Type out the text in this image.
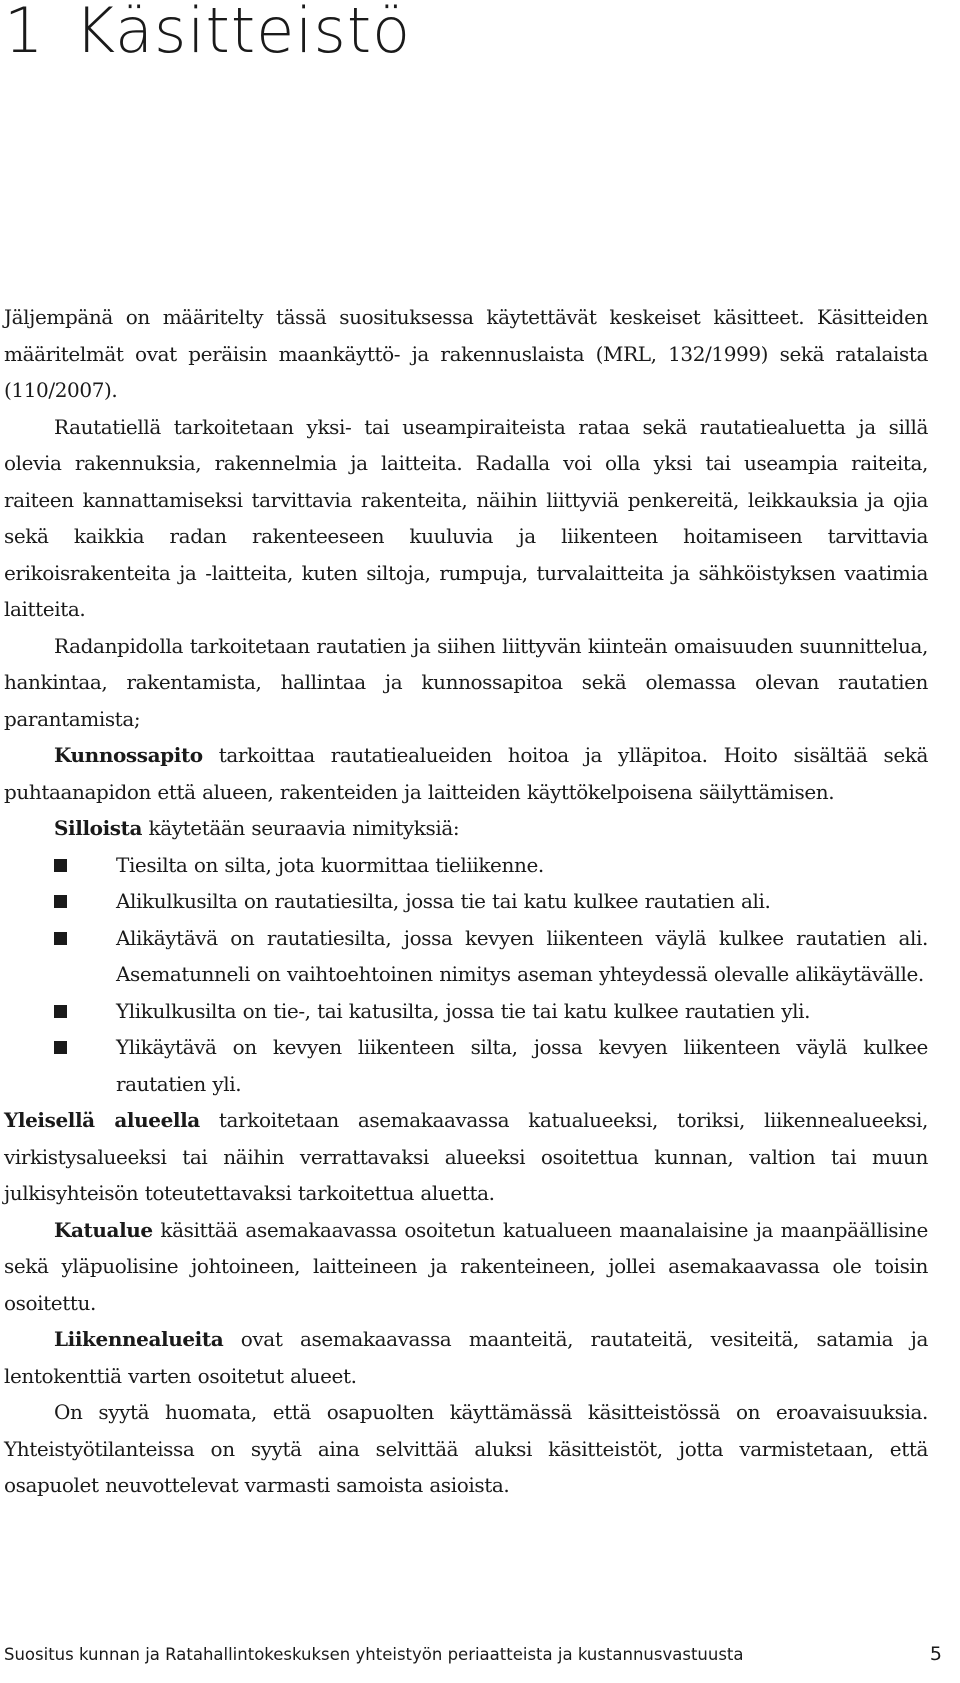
1 Käsitteistö

Jäljempänä on määritelty tässä suosituksessa käytettävät keskeiset käsitteet. Käsitteiden määritelmät ovat peräisin maankäyttö- ja rakennuslaista (MRL, 132/1999) sekä ratalaista (110/2007).

Rautatiellä tarkoitetaan yksi- tai useampiraiteista rataa sekä rautatiealuetta ja sillä olevia rakennuksia, rakennelmia ja laitteita. Radalla voi olla yksi tai useampia raiteita, raiteen kannattamiseksi tarvittavia rakenteita, näihin liittyviä penkereitä, leikkauksia ja ojia sekä kaikkia radan rakenteeseen kuuluvia ja liikenteen hoitamiseen tarvittavia erikoisrakenteita ja -laitteita, kuten siltoja, rumpuja, turvalaitteita ja sähköistyksen vaatimia laitteita.

Radanpidolla tarkoitetaan rautatien ja siihen liittyvän kiinteän omaisuuden suunnittelua, hankintaa, rakentamista, hallintaa ja kunnossapitoa sekä olemassa olevan rautatien parantamista;

Kunnossapito tarkoittaa rautatiealueiden hoitoa ja ylläpitoa. Hoito sisältää sekä puhtaanapidon että alueen, rakenteiden ja laitteiden käyttökelpoisena säilyttämisen.

Silloista käytetään seuraavia nimityksiä:

Tiesilta on silta, jota kuormittaa tieliikenne.
Alikulkusilta on rautatiesilta, jossa tie tai katu kulkee rautatien ali.
Alikäytävä on rautatiesilta, jossa kevyen liikenteen väylä kulkee rautatien ali. Asematunneli on vaihtoehtoinen nimitys aseman yhteydessä olevalle alikäytävälle.
Ylikulkusilta on tie-, tai katusilta, jossa tie tai katu kulkee rautatien yli.
Ylikäytävä on kevyen liikenteen silta, jossa kevyen liikenteen väylä kulkee rautatien yli.

Yleisellä alueella tarkoitetaan asemakaavassa katualueeksi, toriksi, liikennealueeksi, virkistysalueeksi tai näihin verrattavaksi alueeksi osoitettua kunnan, valtion tai muun julkisyhteisön toteutettavaksi tarkoitettua aluetta.

Katualue käsittää asemakaavassa osoitetun katualueen maanalaisine ja maanpäällisine sekä yläpuolisine johtoineen, laitteineen ja rakenteineen, jollei asemakaavassa ole toisin osoitettu.

Liikennealueita ovat asemakaavassa maanteitä, rautateitä, vesiteitä, satamia ja lentokenttiä varten osoitetut alueet.

On syytä huomata, että osapuolten käyttämässä käsitteistössä on eroavaisuuksia. Yhteistyötilanteissa on syytä aina selvittää aluksi käsitteistöt, jotta varmistetaan, että osapuolet neuvottelevat varmasti samoista asioista.

Suositus kunnan ja Ratahallintokeskuksen yhteistyön periaatteista ja kustannusvastuusta	5
